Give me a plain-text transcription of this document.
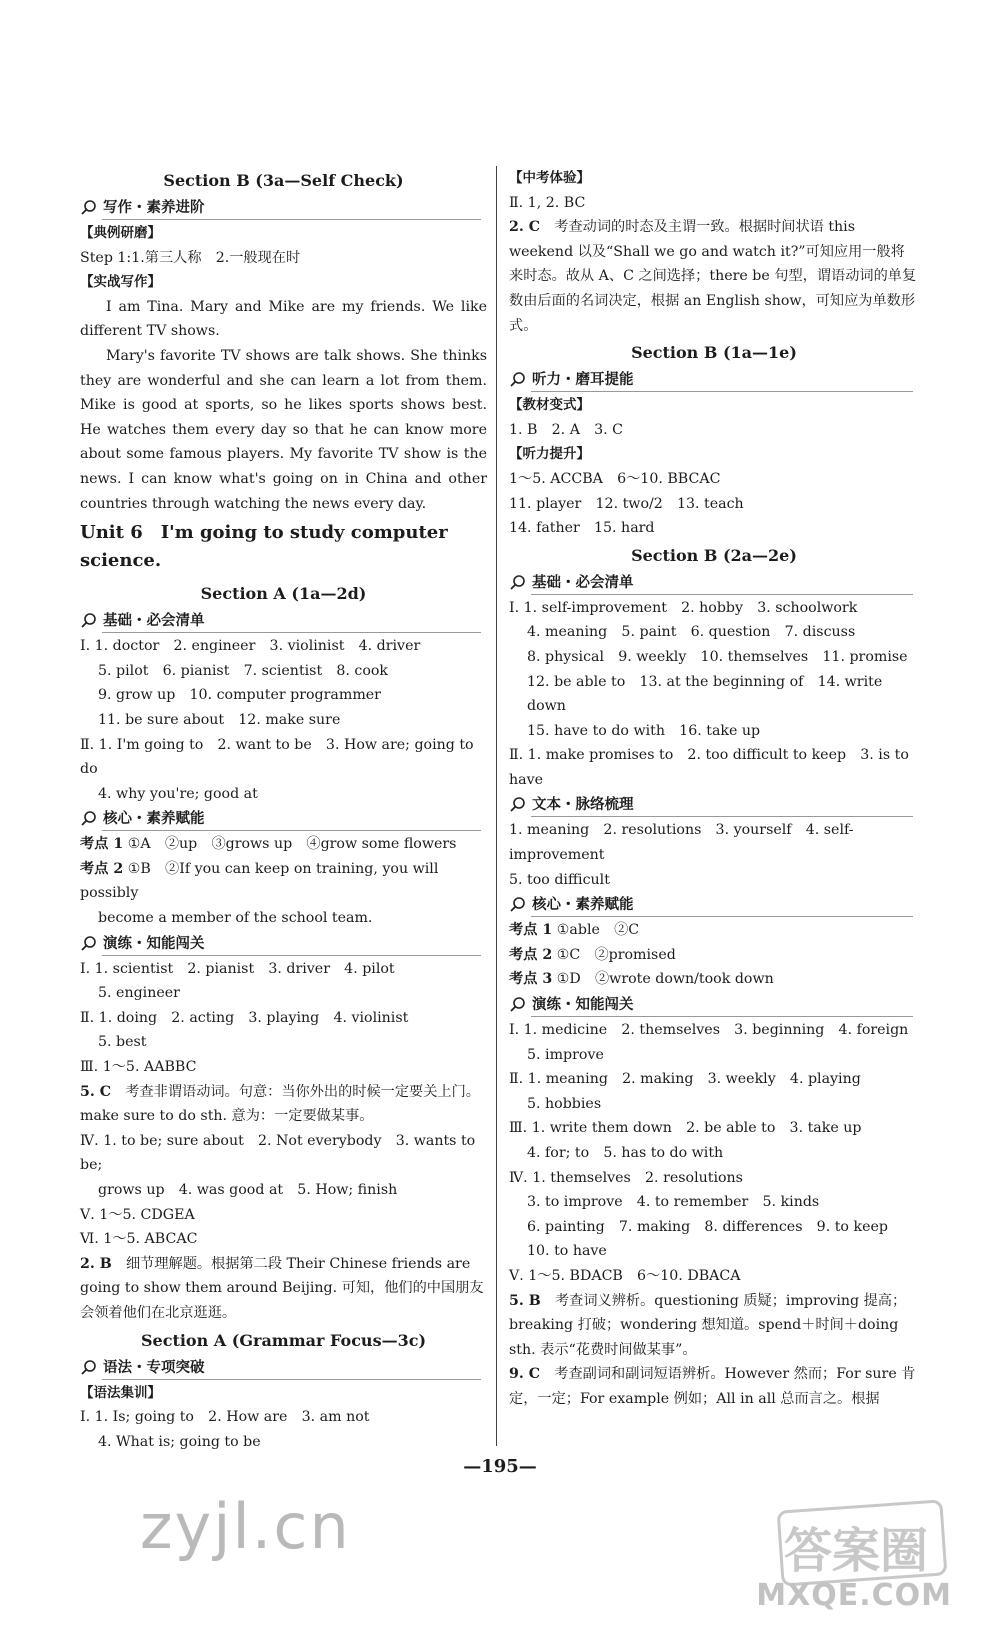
Section B (3a—Self Check)
写作・素养进阶
【典例研磨】

Step 1:1.第三人称　2.一般现在时

【实战写作】

I am Tina. Mary and Mike are my friends. We like different TV shows.

Mary's favorite TV shows are talk shows. She thinks they are wonderful and she can learn a lot from them. Mike is good at sports, so he likes sports shows best. He watches them every day so that he can know more about some famous players. My favorite TV show is the news. I can know what's going on in China and other countries through watching the news every day.

Unit 6　I'm going to study computer science.
Section A (1a—2d)
基础・必会清单

Ⅰ. 1. doctor　2. engineer　3. violinist　4. driver

5. pilot　6. pianist　7. scientist　8. cook

9. grow up　10. computer programmer

11. be sure about　12. make sure

Ⅱ. 1. I'm going to　2. want to be　3. How are; going to do

4. why you're; good at

核心・素养赋能

考点 1 ①A　②up　③grows up　④grow some flowers

考点 2 ①B　②If you can keep on training, you will possibly

become a member of the school team.

演练・知能闯关

Ⅰ. 1. scientist　2. pianist　3. driver　4. pilot

5. engineer

Ⅱ. 1. doing　2. acting　3. playing　4. violinist

5. best

Ⅲ. 1～5. AABBC

5. C　 考查非谓语动词。句意：当你外出的时候一定要关上门。make sure to do sth. 意为：一定要做某事。

Ⅳ. 1. to be; sure about　2. Not everybody　3. wants to be;

grows up　4. was good at　5. How; finish

Ⅴ. 1～5. CDGEA

Ⅵ. 1～5. ABCAC

2. B　 细节理解题。根据第二段 Their Chinese friends are going to show them around Beijing. 可知，他们的中国朋友会领着他们在北京逛逛。

Section A (Grammar Focus—3c)
语法・专项突破
【语法集训】

Ⅰ. 1. Is; going to　2. How are　3. am not

4. What is; going to be

【中考体验】

Ⅱ. 1, 2. BC

2. C　 考查动词的时态及主谓一致。根据时间状语 this weekend 以及“Shall we go and watch it?”可知应用一般将来时态。故从 A、C 之间选择；there be 句型，谓语动词的单复数由后面的名词决定，根据 an English show，可知应为单数形式。

Section B (1a—1e)
听力・磨耳提能
【教材变式】

1. B　2. A　3. C

【听力提升】

1～5. ACCBA　6～10. BBCAC

11. player　12. two/2　13. teach

14. father　15. hard

Section B (2a—2e)
基础・必会清单

Ⅰ. 1. self-improvement　2. hobby　3. schoolwork

4. meaning　5. paint　6. question　7. discuss

8. physical　9. weekly　10. themselves　11. promise

12. be able to　13. at the beginning of　14. write down

15. have to do with　16. take up

Ⅱ. 1. make promises to　2. too difficult to keep　3. is to have

文本・脉络梳理

1. meaning　2. resolutions　3. yourself　4. self-improvement

5. too difficult

核心・素养赋能

考点 1 ①able　②C

考点 2 ①C　②promised

考点 3 ①D　②wrote down/took down

演练・知能闯关

Ⅰ. 1. medicine　2. themselves　3. beginning　4. foreign

5. improve

Ⅱ. 1. meaning　2. making　3. weekly　4. playing

5. hobbies

Ⅲ. 1. write them down　2. be able to　3. take up

4. for; to　5. has to do with

Ⅳ. 1. themselves　2. resolutions

3. to improve　4. to remember　5. kinds

6. painting　7. making　8. differences　9. to keep

10. to have

Ⅴ. 1～5. BDACB　6～10. DBACA

5. B　 考查词义辨析。questioning 质疑；improving 提高；breaking 打破；wondering 想知道。spend＋时间＋doing sth. 表示“花费时间做某事”。

9. C　 考查副词和副词短语辨析。However 然而；For sure 肯定，一定；For example 例如；All in all 总而言之。根据

—195—
zyjl.cn	答案圈
MXQE.COM
